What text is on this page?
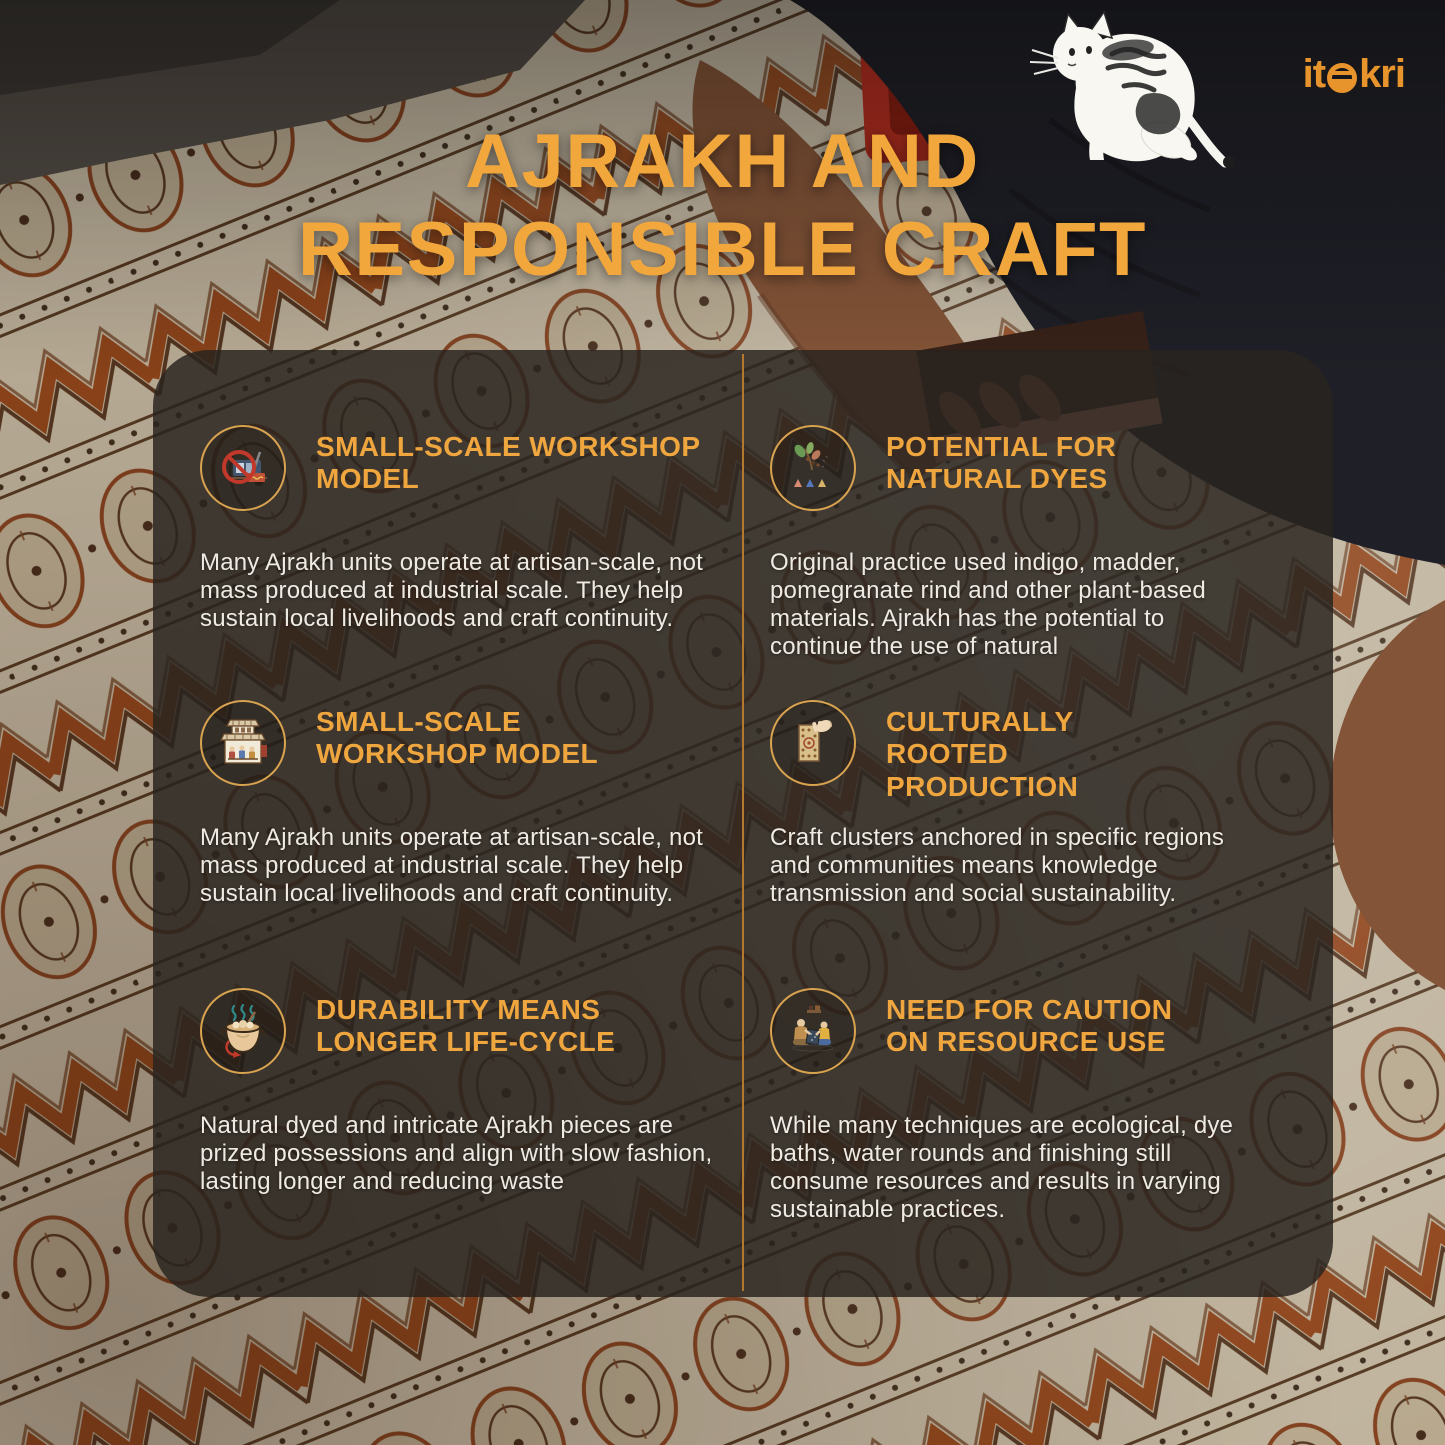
it kri
AJRAKH AND
RESPONSIBLE CRAFT
SMALL-SCALE WORKSHOP MODEL

Many Ajrakh units operate at artisan-scale, not mass produced at industrial scale. They help sustain local livelihoods and craft continuity.

SMALL-SCALE WORKSHOP MODEL

Many Ajrakh units operate at artisan-scale, not mass produced at industrial scale. They help sustain local livelihoods and craft continuity.

DURABILITY MEANS LONGER LIFE-CYCLE

Natural dyed and intricate Ajrakh pieces are prized possessions and align with slow fashion, lasting longer and reducing waste

POTENTIAL FOR NATURAL DYES

Original practice used indigo, madder, pomegranate rind and other plant-based materials. Ajrakh has the potential to continue the use of natural

CULTURALLY ROOTED PRODUCTION

Craft clusters anchored in specific regions and communities means knowledge transmission and social sustainability.

NEED FOR CAUTION ON RESOURCE USE

While many techniques are ecological, dye baths, water rounds and finishing still consume resources and results in varying sustainable practices.
